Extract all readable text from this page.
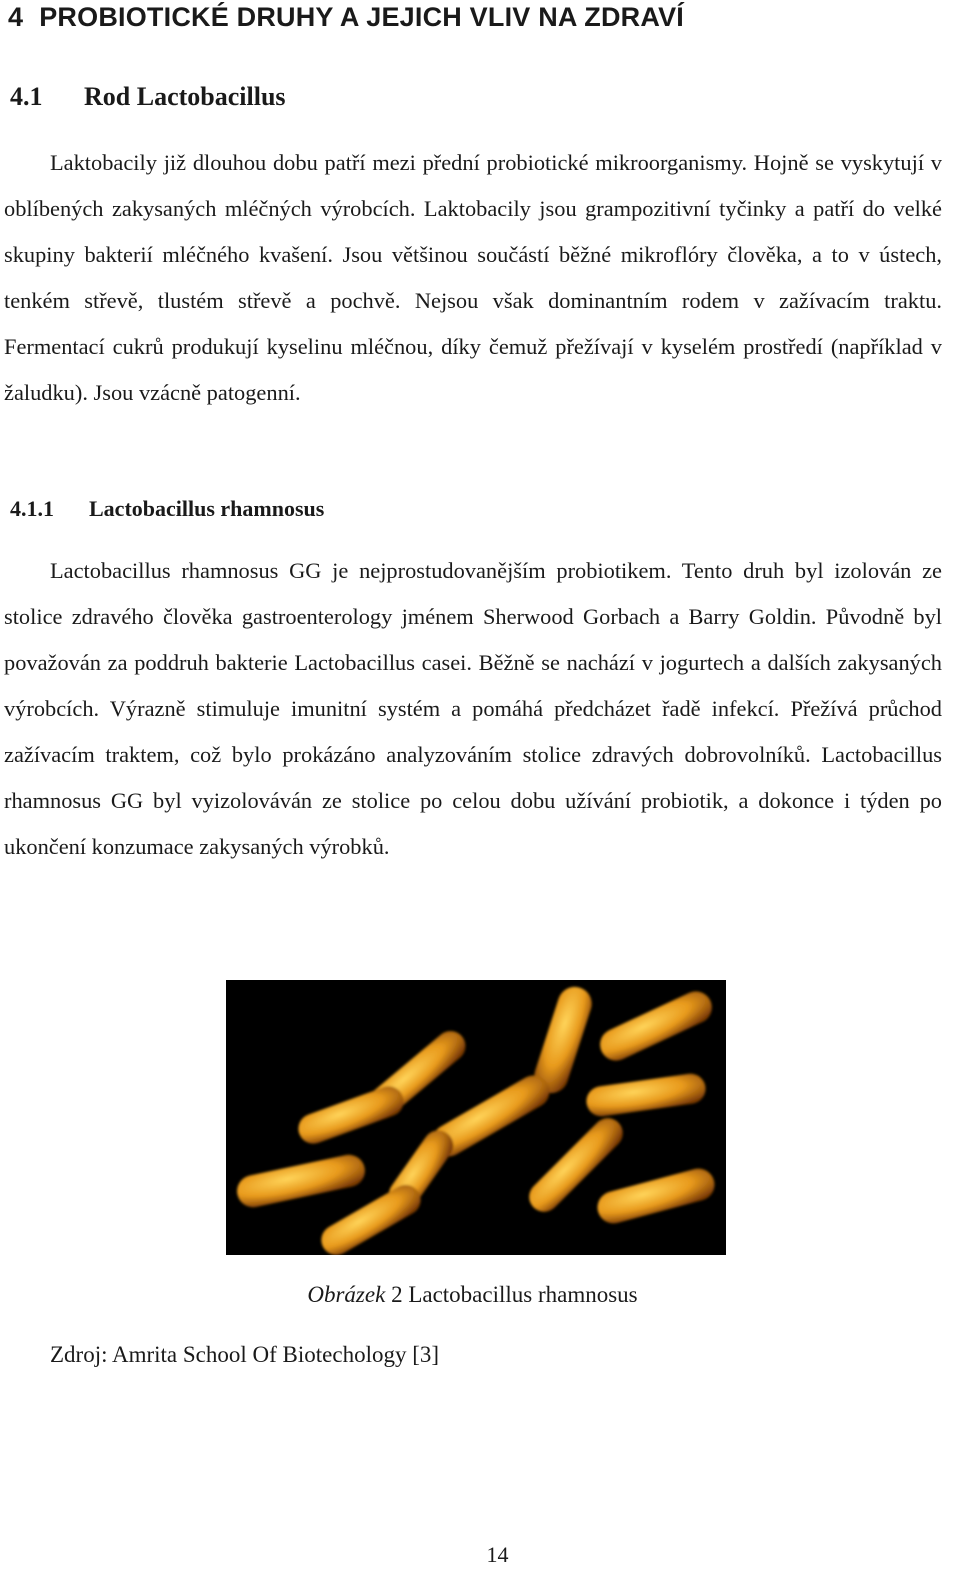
4 PROBIOTICKÉ DRUHY A JEJICH VLIV NA ZDRAVÍ
4.1 Rod Lactobacillus

Laktobacily již dlouhou dobu patří mezi přední probiotické mikroorganismy. Hojně se vyskytují v oblíbených zakysaných mléčných výrobcích. Laktobacily jsou grampozitivní tyčinky a patří do velké skupiny bakterií mléčného kvašení. Jsou většinou součástí běžné mikroflóry člověka, a to v ústech, tenkém střevě, tlustém střevě a pochvě. Nejsou však dominantním rodem v zažívacím traktu. Fermentací cukrů produkují kyselinu mléčnou, díky čemuž přežívají v kyselém prostředí (například v žaludku). Jsou vzácně patogenní.

4.1.1 Lactobacillus rhamnosus

Lactobacillus rhamnosus GG je nejprostudovanějším probiotikem. Tento druh byl izolován ze stolice zdravého člověka gastroenterology jménem Sherwood Gorbach a Barry Goldin. Původně byl považován za poddruh bakterie Lactobacillus casei. Běžně se nachází v jogurtech a dalších zakysaných výrobcích. Výrazně stimuluje imunitní systém a pomáhá předcházet řadě infekcí. Přežívá průchod zažívacím traktem, což bylo prokázáno analyzováním stolice zdravých dobrovolníků. Lactobacillus rhamnosus GG byl vyizolováván ze stolice po celou dobu užívání probiotik, a dokonce i týden po ukončení konzumace zakysaných výrobků.

Obrázek 2 Lactobacillus rhamnosus

Zdroj: Amrita School Of Biotechology [3]

14
